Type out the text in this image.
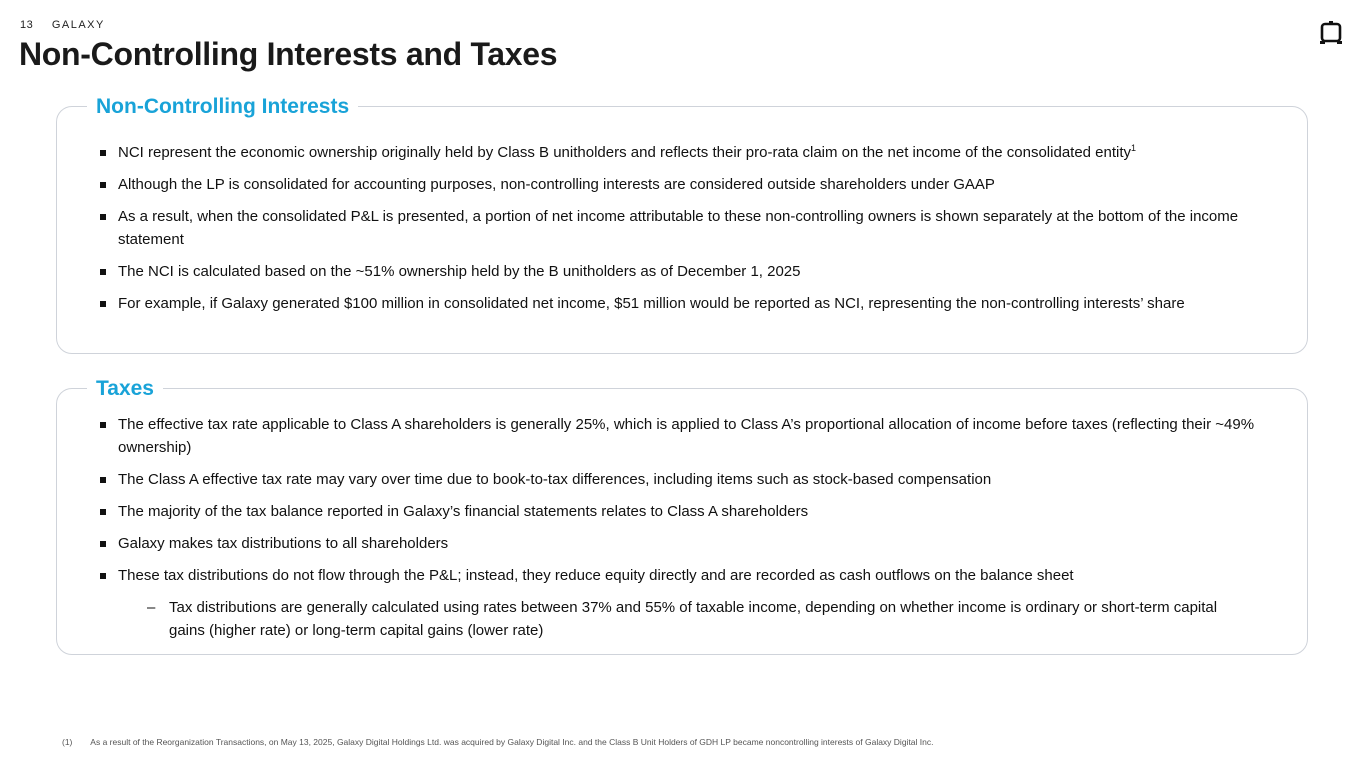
13 GALAXY
Non-Controlling Interests and Taxes
Non-Controlling Interests
NCI represent the economic ownership originally held by Class B unitholders and reflects their pro-rata claim on the net income of the consolidated entity$^1$
Although the LP is consolidated for accounting purposes, non-controlling interests are considered outside shareholders under GAAP
As a result, when the consolidated P&L is presented, a portion of net income attributable to these non-controlling owners is shown separately at the bottom of the income statement
The NCI is calculated based on the ~51% ownership held by the B unitholders as of December 1, 2025
For example, if Galaxy generated $100 million in consolidated net income, $51 million would be reported as NCI, representing the non-controlling interests’ share
Taxes
The effective tax rate applicable to Class A shareholders is generally 25%, which is applied to Class A’s proportional allocation of income before taxes (reflecting their ~49% ownership)
The Class A effective tax rate may vary over time due to book-to-tax differences, including items such as stock-based compensation
The majority of the tax balance reported in Galaxy’s financial statements relates to Class A shareholders
Galaxy makes tax distributions to all shareholders
These tax distributions do not flow through the P&L; instead, they reduce equity directly and are recorded as cash outflows on the balance sheet
– Tax distributions are generally calculated using rates between 37% and 55% of taxable income, depending on whether income is ordinary or short-term capital gains (higher rate) or long-term capital gains (lower rate)
(1) As a result of the Reorganization Transactions, on May 13, 2025, Galaxy Digital Holdings Ltd. was acquired by Galaxy Digital Inc. and the Class B Unit Holders of GDH LP became noncontrolling interests of Galaxy Digital Inc.
